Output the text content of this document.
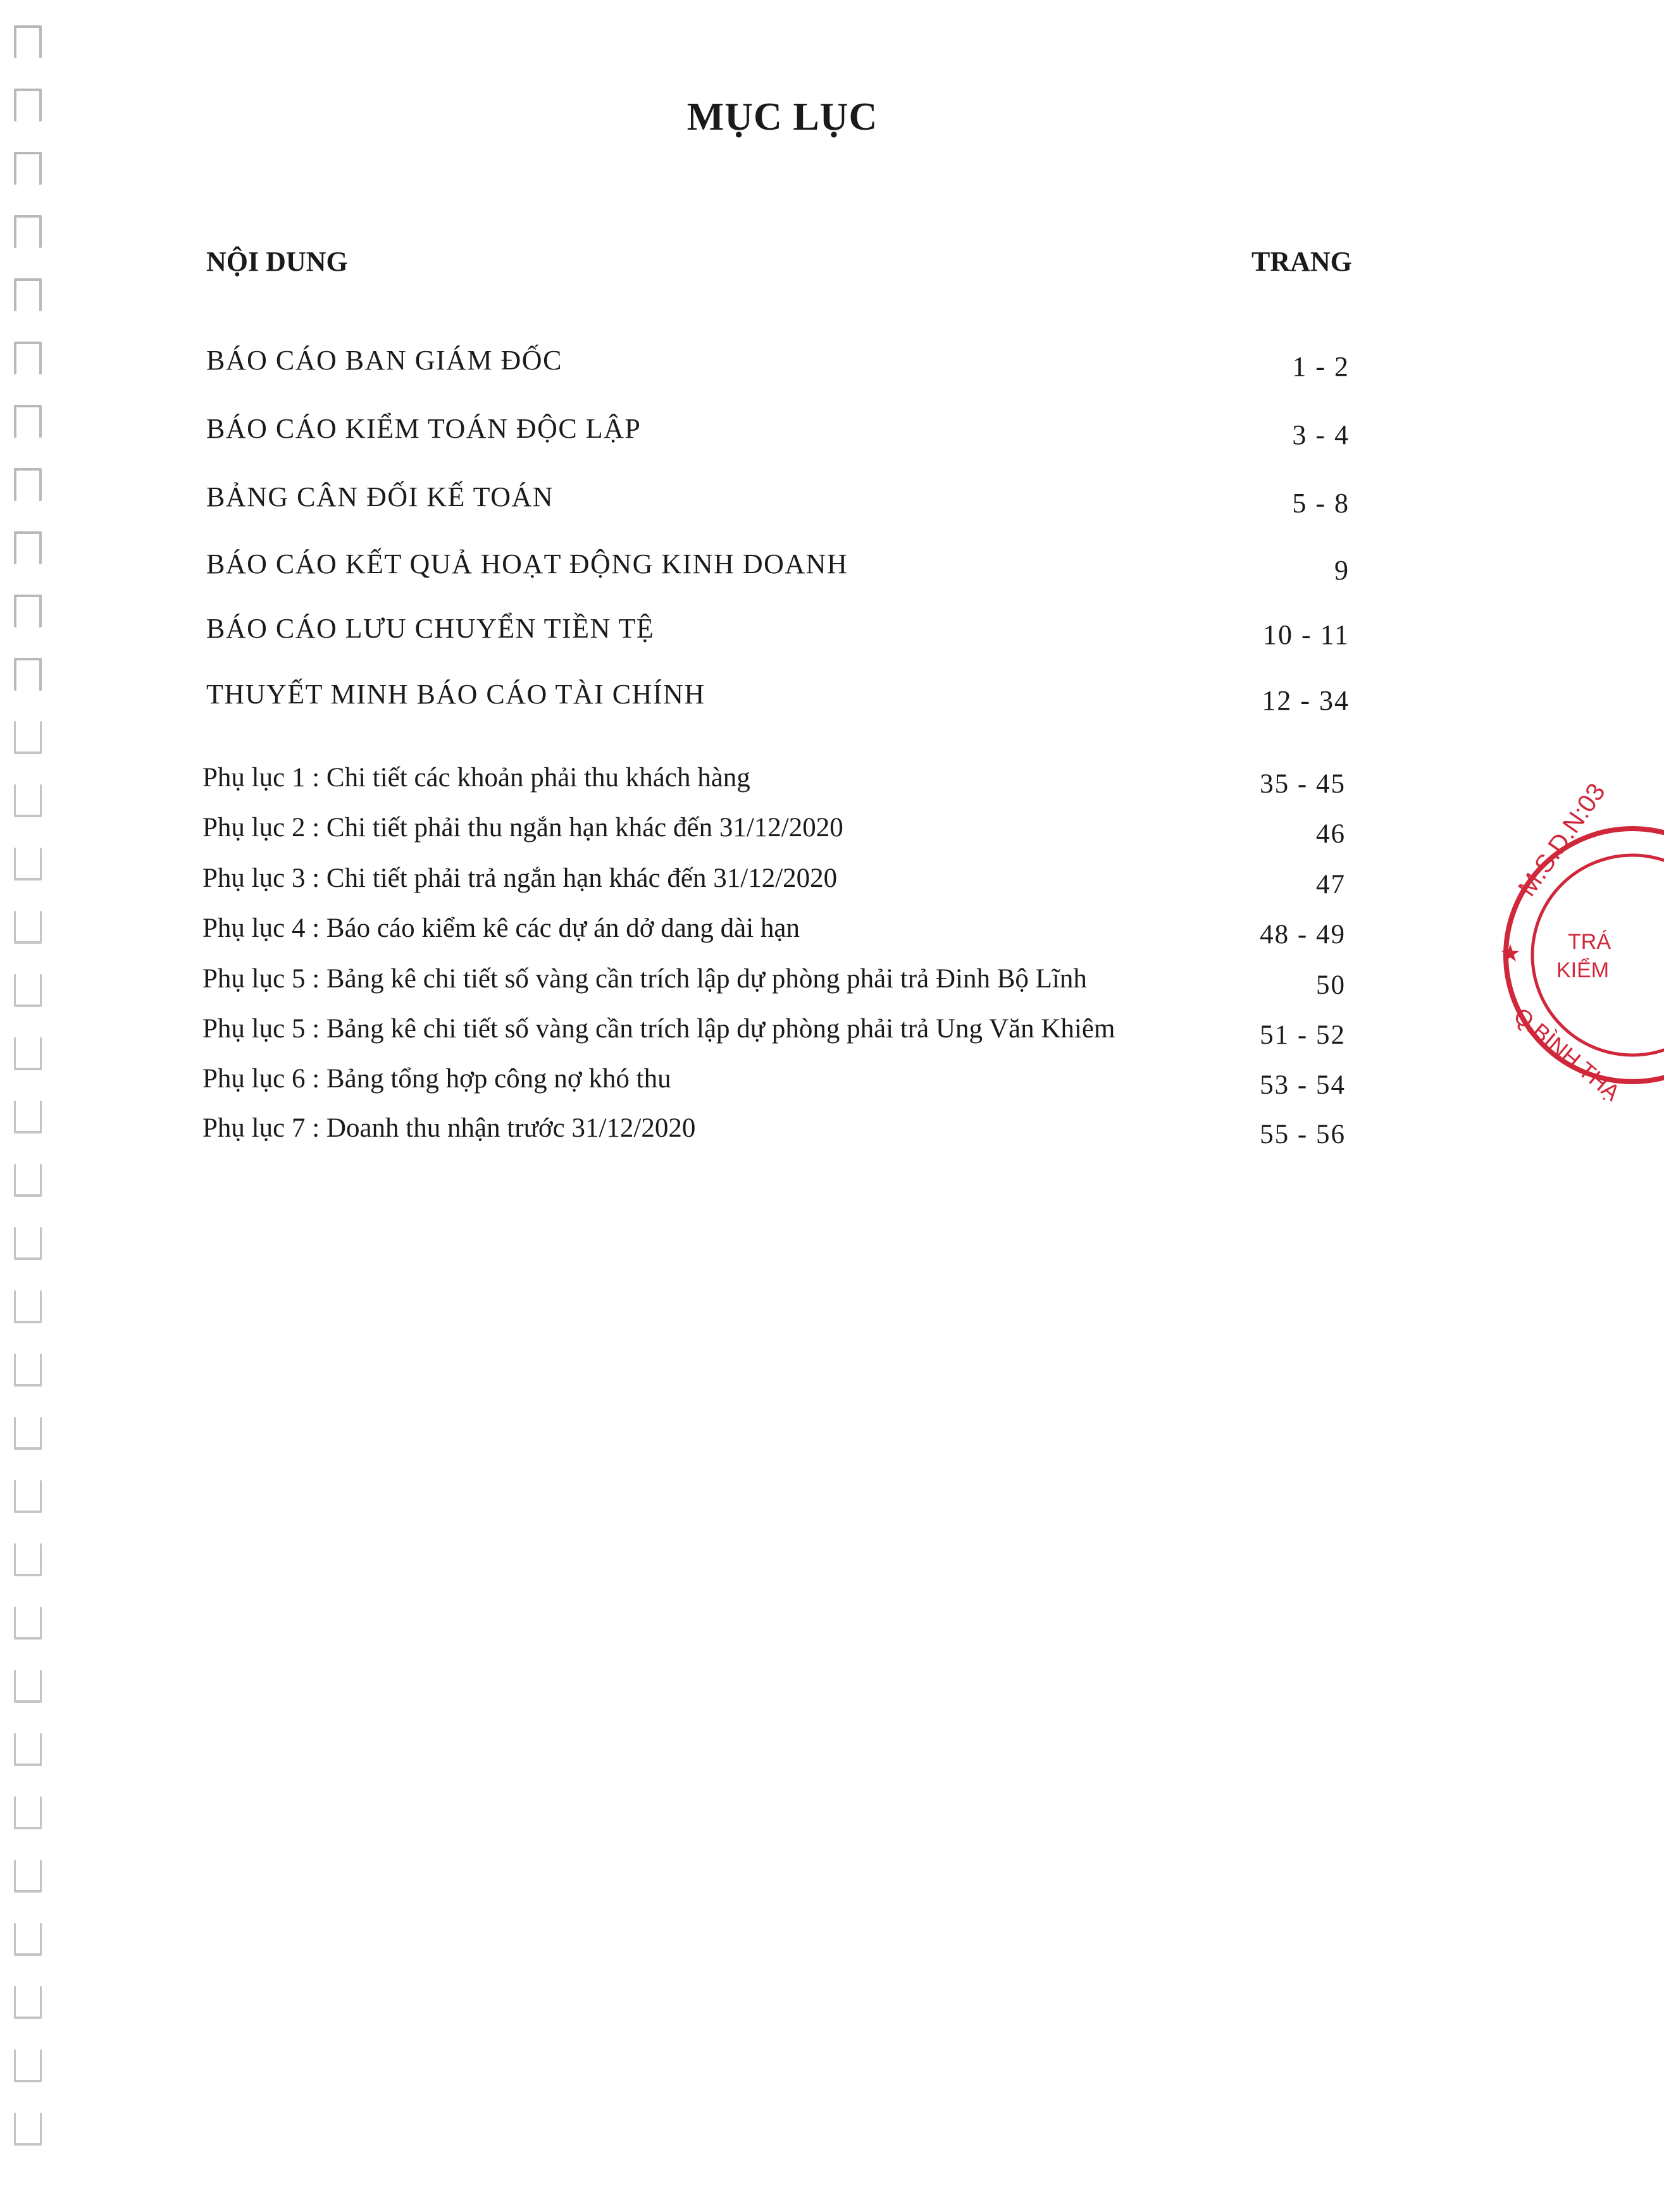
MỤC LỤC
NỘI DUNG	TRANG
BÁO CÁO BAN GIÁM ĐỐC	1 - 2
BÁO CÁO KIỂM TOÁN ĐỘC LẬP	3 - 4
BẢNG CÂN ĐỐI KẾ TOÁN	5 - 8
BÁO CÁO KẾT QUẢ HOẠT ĐỘNG KINH DOANH	9
BÁO CÁO LƯU CHUYỂN TIỀN TỆ	10 - 11
THUYẾT MINH BÁO CÁO TÀI CHÍNH	12 - 34
Phụ lục 1 : Chi tiết các khoản phải thu khách hàng	35 - 45
Phụ lục 2 : Chi tiết phải thu ngắn hạn khác đến 31/12/2020	46
Phụ lục 3 : Chi tiết phải trả ngắn hạn khác đến 31/12/2020	47
Phụ lục 4 : Báo cáo kiểm kê các dự án dở dang dài hạn	48 - 49
Phụ lục 5 : Bảng kê chi tiết số vàng cần trích lập dự phòng phải trả Đinh Bộ Lĩnh	50
Phụ lục 5 : Bảng kê chi tiết số vàng cần trích lập dự phòng phải trả Ung Văn Khiêm	51 - 52
Phụ lục 6 : Bảng tổng hợp công nợ khó thu	53 - 54
Phụ lục 7 : Doanh thu nhận trước 31/12/2020	55 - 56
M.S.D.N:03
TRÁ
KIỂM
★
Q.BÌNH THẠ
